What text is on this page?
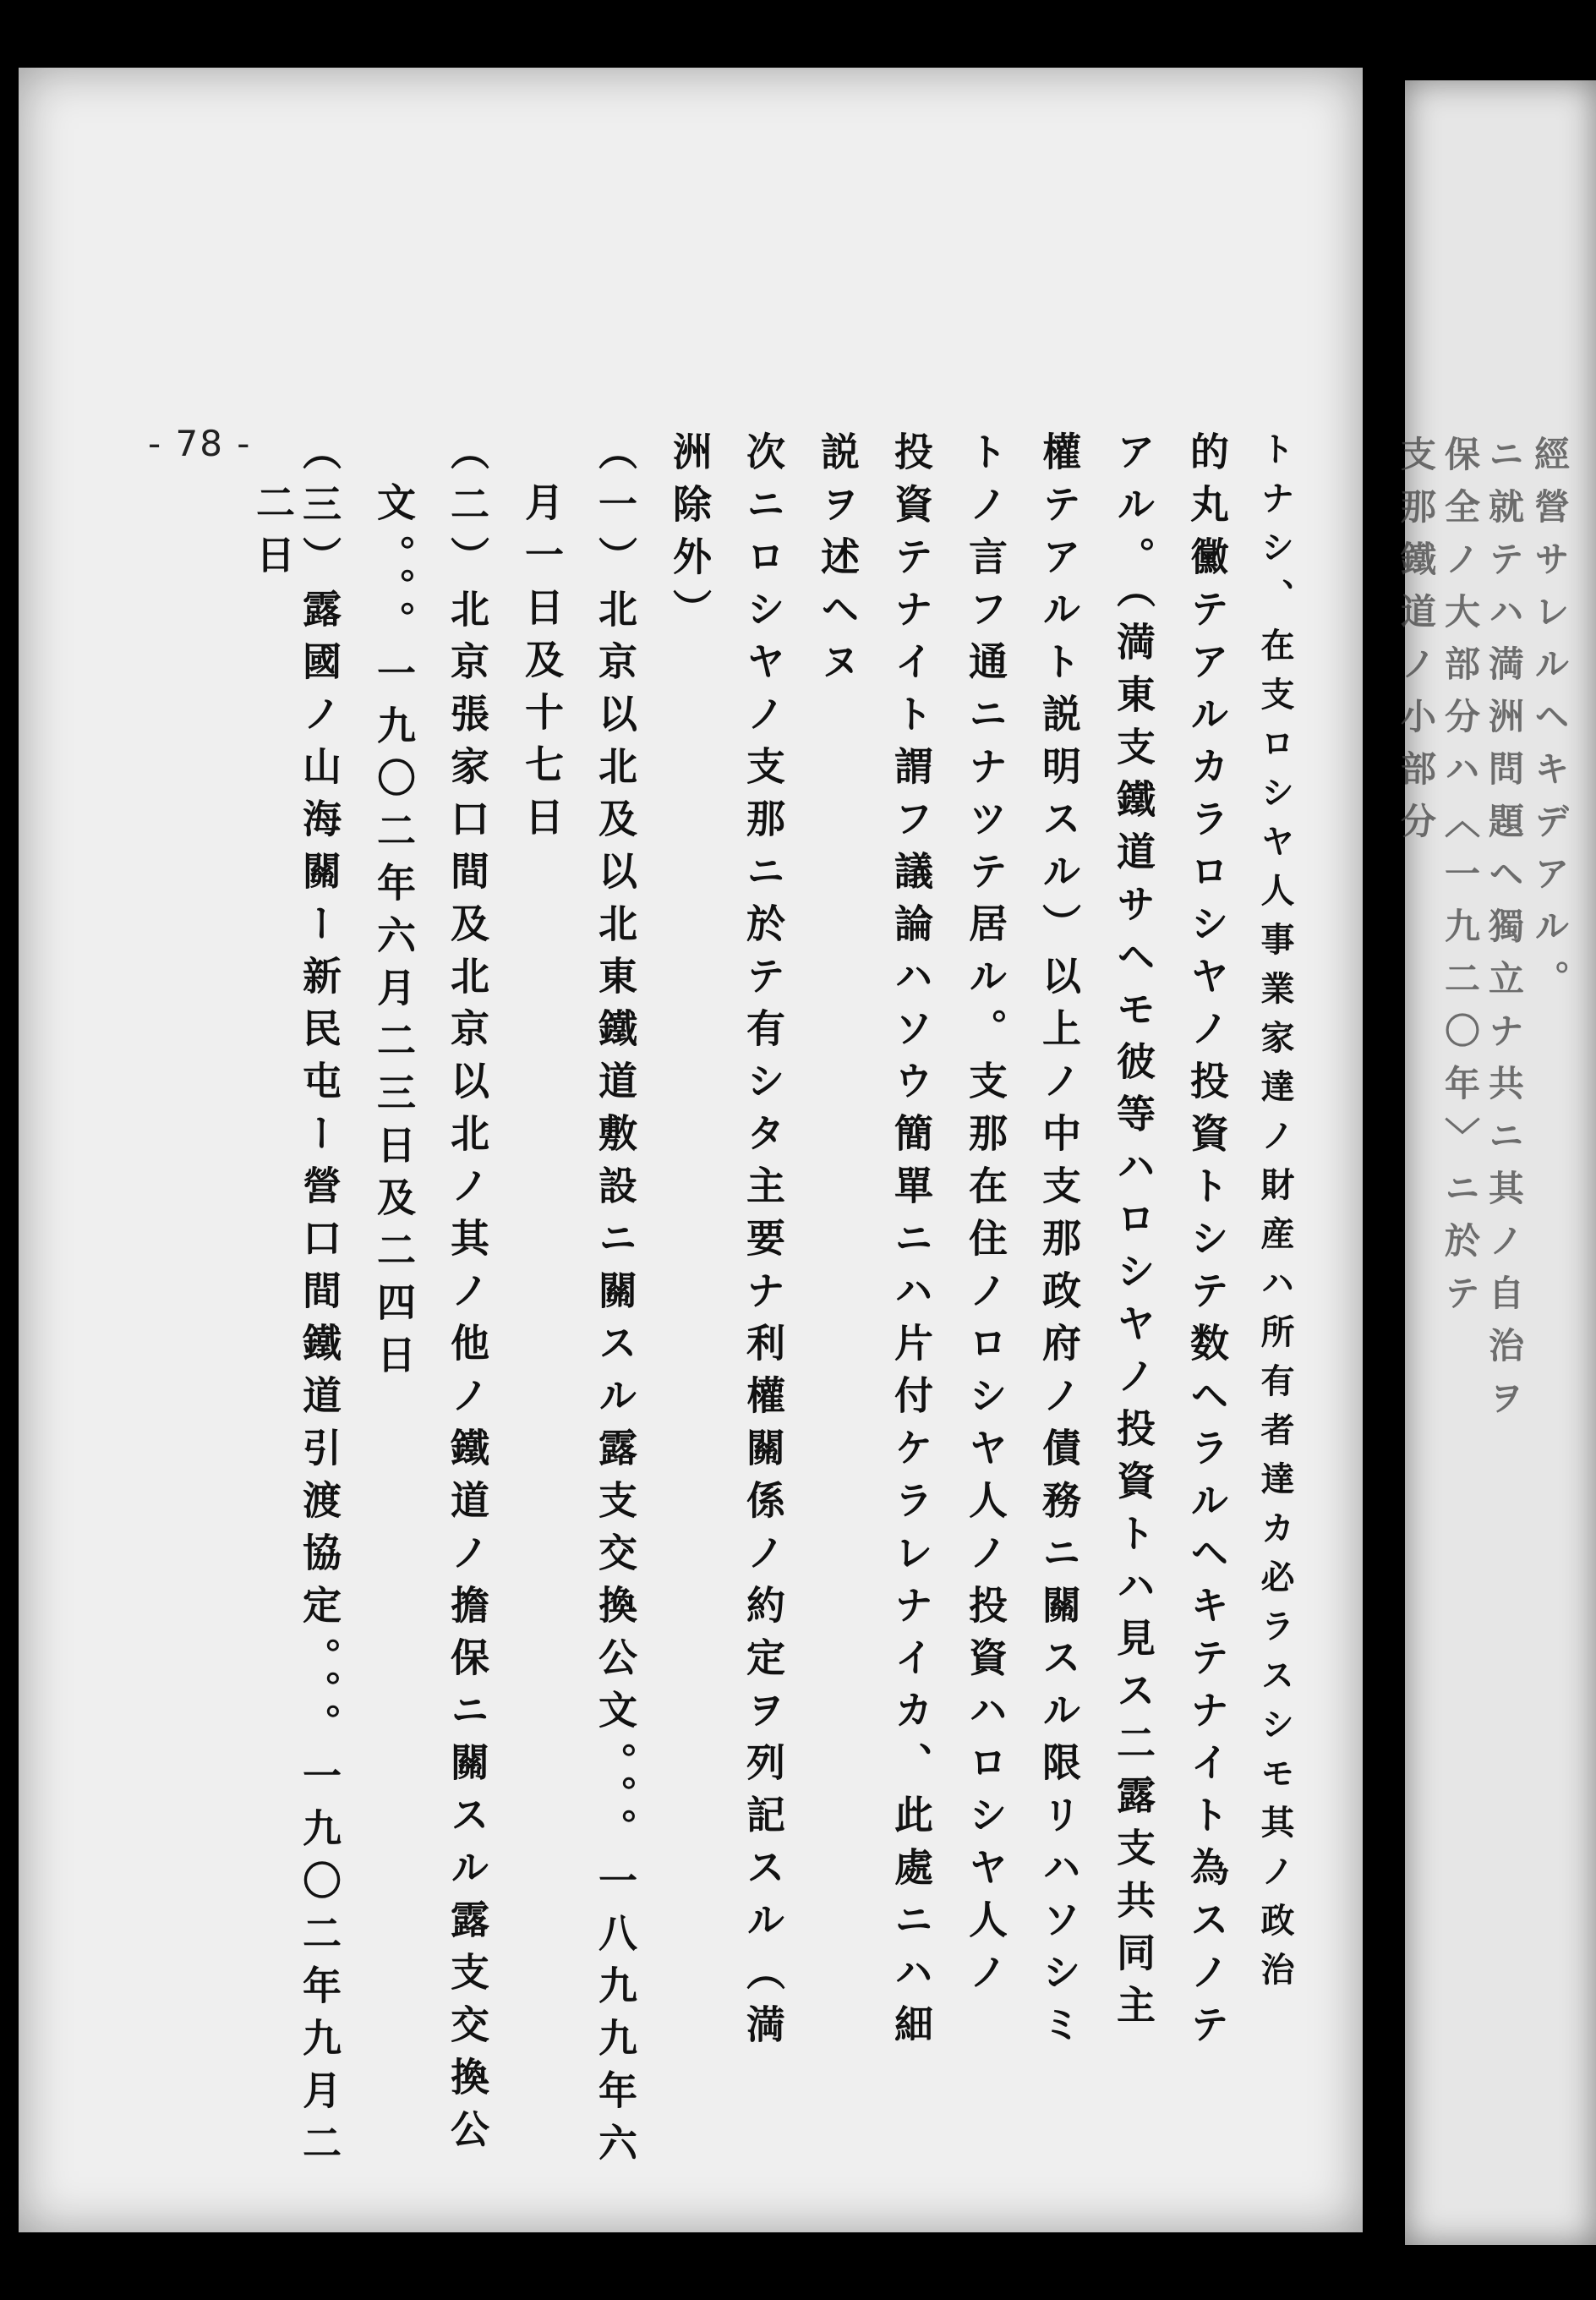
經營サレルヘキデアル。
ニ就テハ満洲問題ヘ獨立ナ共ニ其ノ自治ヲ
保全ノ大部分ハ〈一九二〇年〉ニ於テ
支那鐵道ノ小部分
- 78 -	トナシ、在支ロシヤ人事業家達ノ財産ハ所有者達カ必ラスシモ其ノ政治
的丸黴テアルカラロシヤノ投資トシテ数ヘラルヘキテナイト為スノテ
アル。（満東支鐵道サヘモ彼等ハロシヤノ投資トハ見ス二露支共同主
權テアルト説明スル）以上ノ中支那政府ノ債務ニ關スル限リハソシミ
トノ言フ通ニナツテ居ル。支那在住ノロシヤ人ノ投資ハロシヤ人ノ
投資テナイト謂フ議論ハソウ簡單ニハ片付ケラレナイカ、此處ニハ細
説ヲ述ヘヌ
次ニロシヤノ支那ニ於テ有シタ主要ナ利權關係ノ約定ヲ列記スル（満
洲除外）
（一）北京以北及以北東鐵道敷設ニ關スル露支交換公文。。。一八九九年六
月一日及十七日
（二）北京張家口間及北京以北ノ其ノ他ノ鐵道ノ擔保ニ關スル露支交換公
文。。。一九〇二年六月二三日及二四日
（三）露國ノ山海關ー新民屯ー營口間鐵道引渡協定。。。一九〇二年九月二
二日
